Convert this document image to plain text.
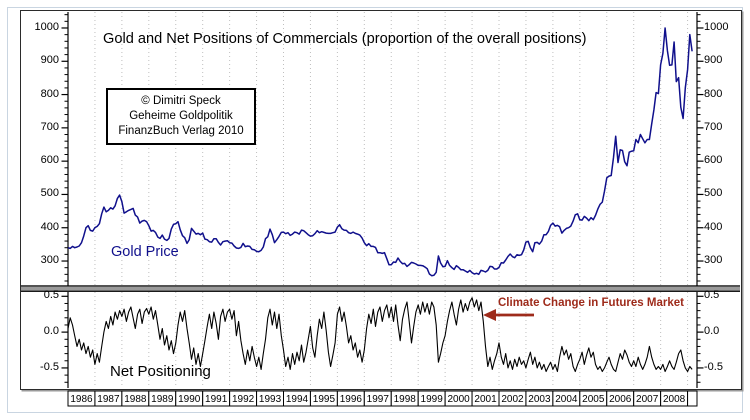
Gold and Net Positions of Commercials (proportion of the overall positions)
© Dimitri Speck
Geheime Goldpolitik
FinanzBuch Verlag 2010
Gold Price
Net Positioning
Climate Change in Futures Market
1000	1000
900	900
800	800
700	700
600	600
500	500
400	400
300	300
0.5	0.5
0.0	0.0
-0.5	-0.5
1986 1987 1988 1989 1990 1991 1992 1993 1994 1995 1996 1997 1998 1999 2000 2001 2002 2003 2004 2005 2006 2007 2008
